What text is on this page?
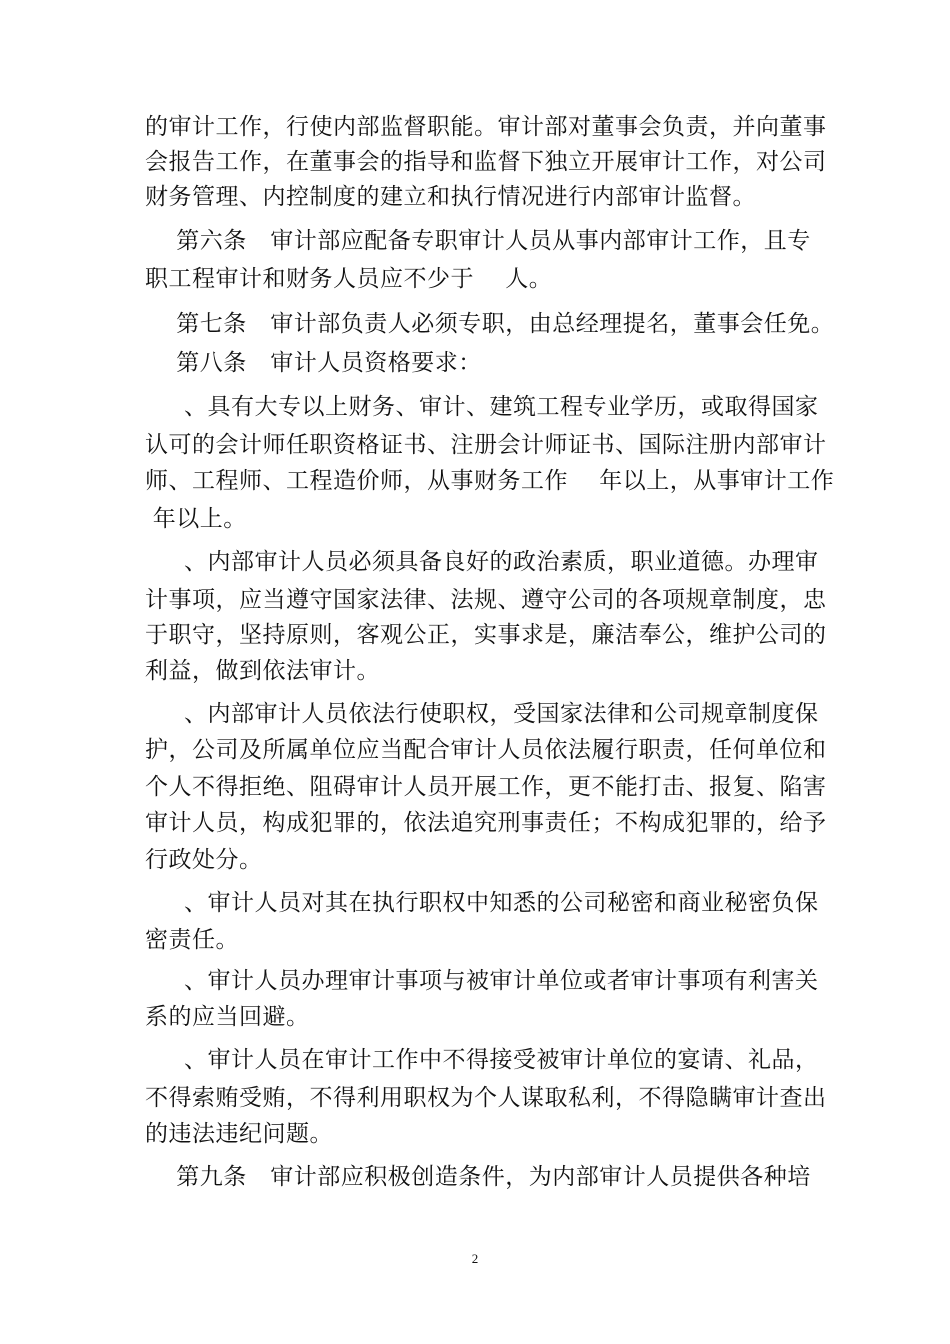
的审计工作，行使内部监督职能。审计部对董事会负责，并向董事
会报告工作，在董事会的指导和监督下独立开展审计工作，对公司
财务管理、内控制度的建立和执行情况进行内部审计监督。
第六条　审计部应配备专职审计人员从事内部审计工作，且专
职工程审计和财务人员应不少于　 人。
第七条　审计部负责人必须专职，由总经理提名，董事会任免。
第八条　审计人员资格要求：
、具有大专以上财务、审计、建筑工程专业学历，或取得国家
认可的会计师任职资格证书、注册会计师证书、国际注册内部审计
师、工程师、工程造价师，从事财务工作　 年以上，从事审计工作
年以上。
、内部审计人员必须具备良好的政治素质，职业道德。办理审
计事项，应当遵守国家法律、法规、遵守公司的各项规章制度，忠
于职守，坚持原则，客观公正，实事求是，廉洁奉公，维护公司的
利益，做到依法审计。
、内部审计人员依法行使职权，受国家法律和公司规章制度保
护，公司及所属单位应当配合审计人员依法履行职责，任何单位和
个人不得拒绝、阻碍审计人员开展工作，更不能打击、报复、陷害
审计人员，构成犯罪的，依法追究刑事责任；不构成犯罪的，给予
行政处分。
、审计人员对其在执行职权中知悉的公司秘密和商业秘密负保
密责任。
、审计人员办理审计事项与被审计单位或者审计事项有利害关
系的应当回避。
、审计人员在审计工作中不得接受被审计单位的宴请、礼品，
不得索贿受贿，不得利用职权为个人谋取私利，不得隐瞒审计查出
的违法违纪问题。
第九条　审计部应积极创造条件，为内部审计人员提供各种培
2
